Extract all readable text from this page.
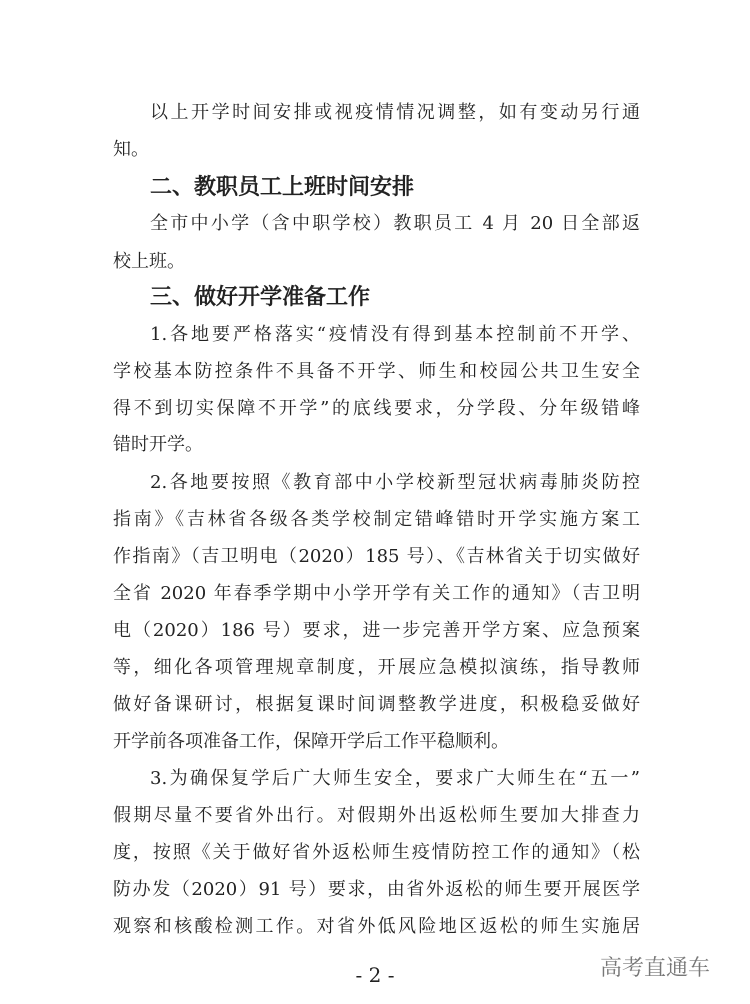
以上开学时间安排或视疫情情况调整，如有变动另行通
知。
二、教职员工上班时间安排
全市中小学（含中职学校）教职员工 4 月 20 日全部返
校上班。
三、做好开学准备工作
1.各地要严格落实“疫情没有得到基本控制前不开学、
学校基本防控条件不具备不开学、师生和校园公共卫生安全
得不到切实保障不开学”的底线要求，分学段、分年级错峰
错时开学。
2.各地要按照《教育部中小学校新型冠状病毒肺炎防控
指南》《吉林省各级各类学校制定错峰错时开学实施方案工
作指南》（吉卫明电（2020）185 号）、《吉林省关于切实做好
全省 2020 年春季学期中小学开学有关工作的通知》（吉卫明
电（2020）186 号）要求，进一步完善开学方案、应急预案
等，细化各项管理规章制度，开展应急模拟演练，指导教师
做好备课研讨，根据复课时间调整教学进度，积极稳妥做好
开学前各项准备工作，保障开学后工作平稳顺利。
3.为确保复学后广大师生安全，要求广大师生在“五一”
假期尽量不要省外出行。对假期外出返松师生要加大排查力
度，按照《关于做好省外返松师生疫情防控工作的通知》（松
防办发（2020）91 号）要求，由省外返松的师生要开展医学
观察和核酸检测工作。对省外低风险地区返松的师生实施居
- 2 -	高考直通车
